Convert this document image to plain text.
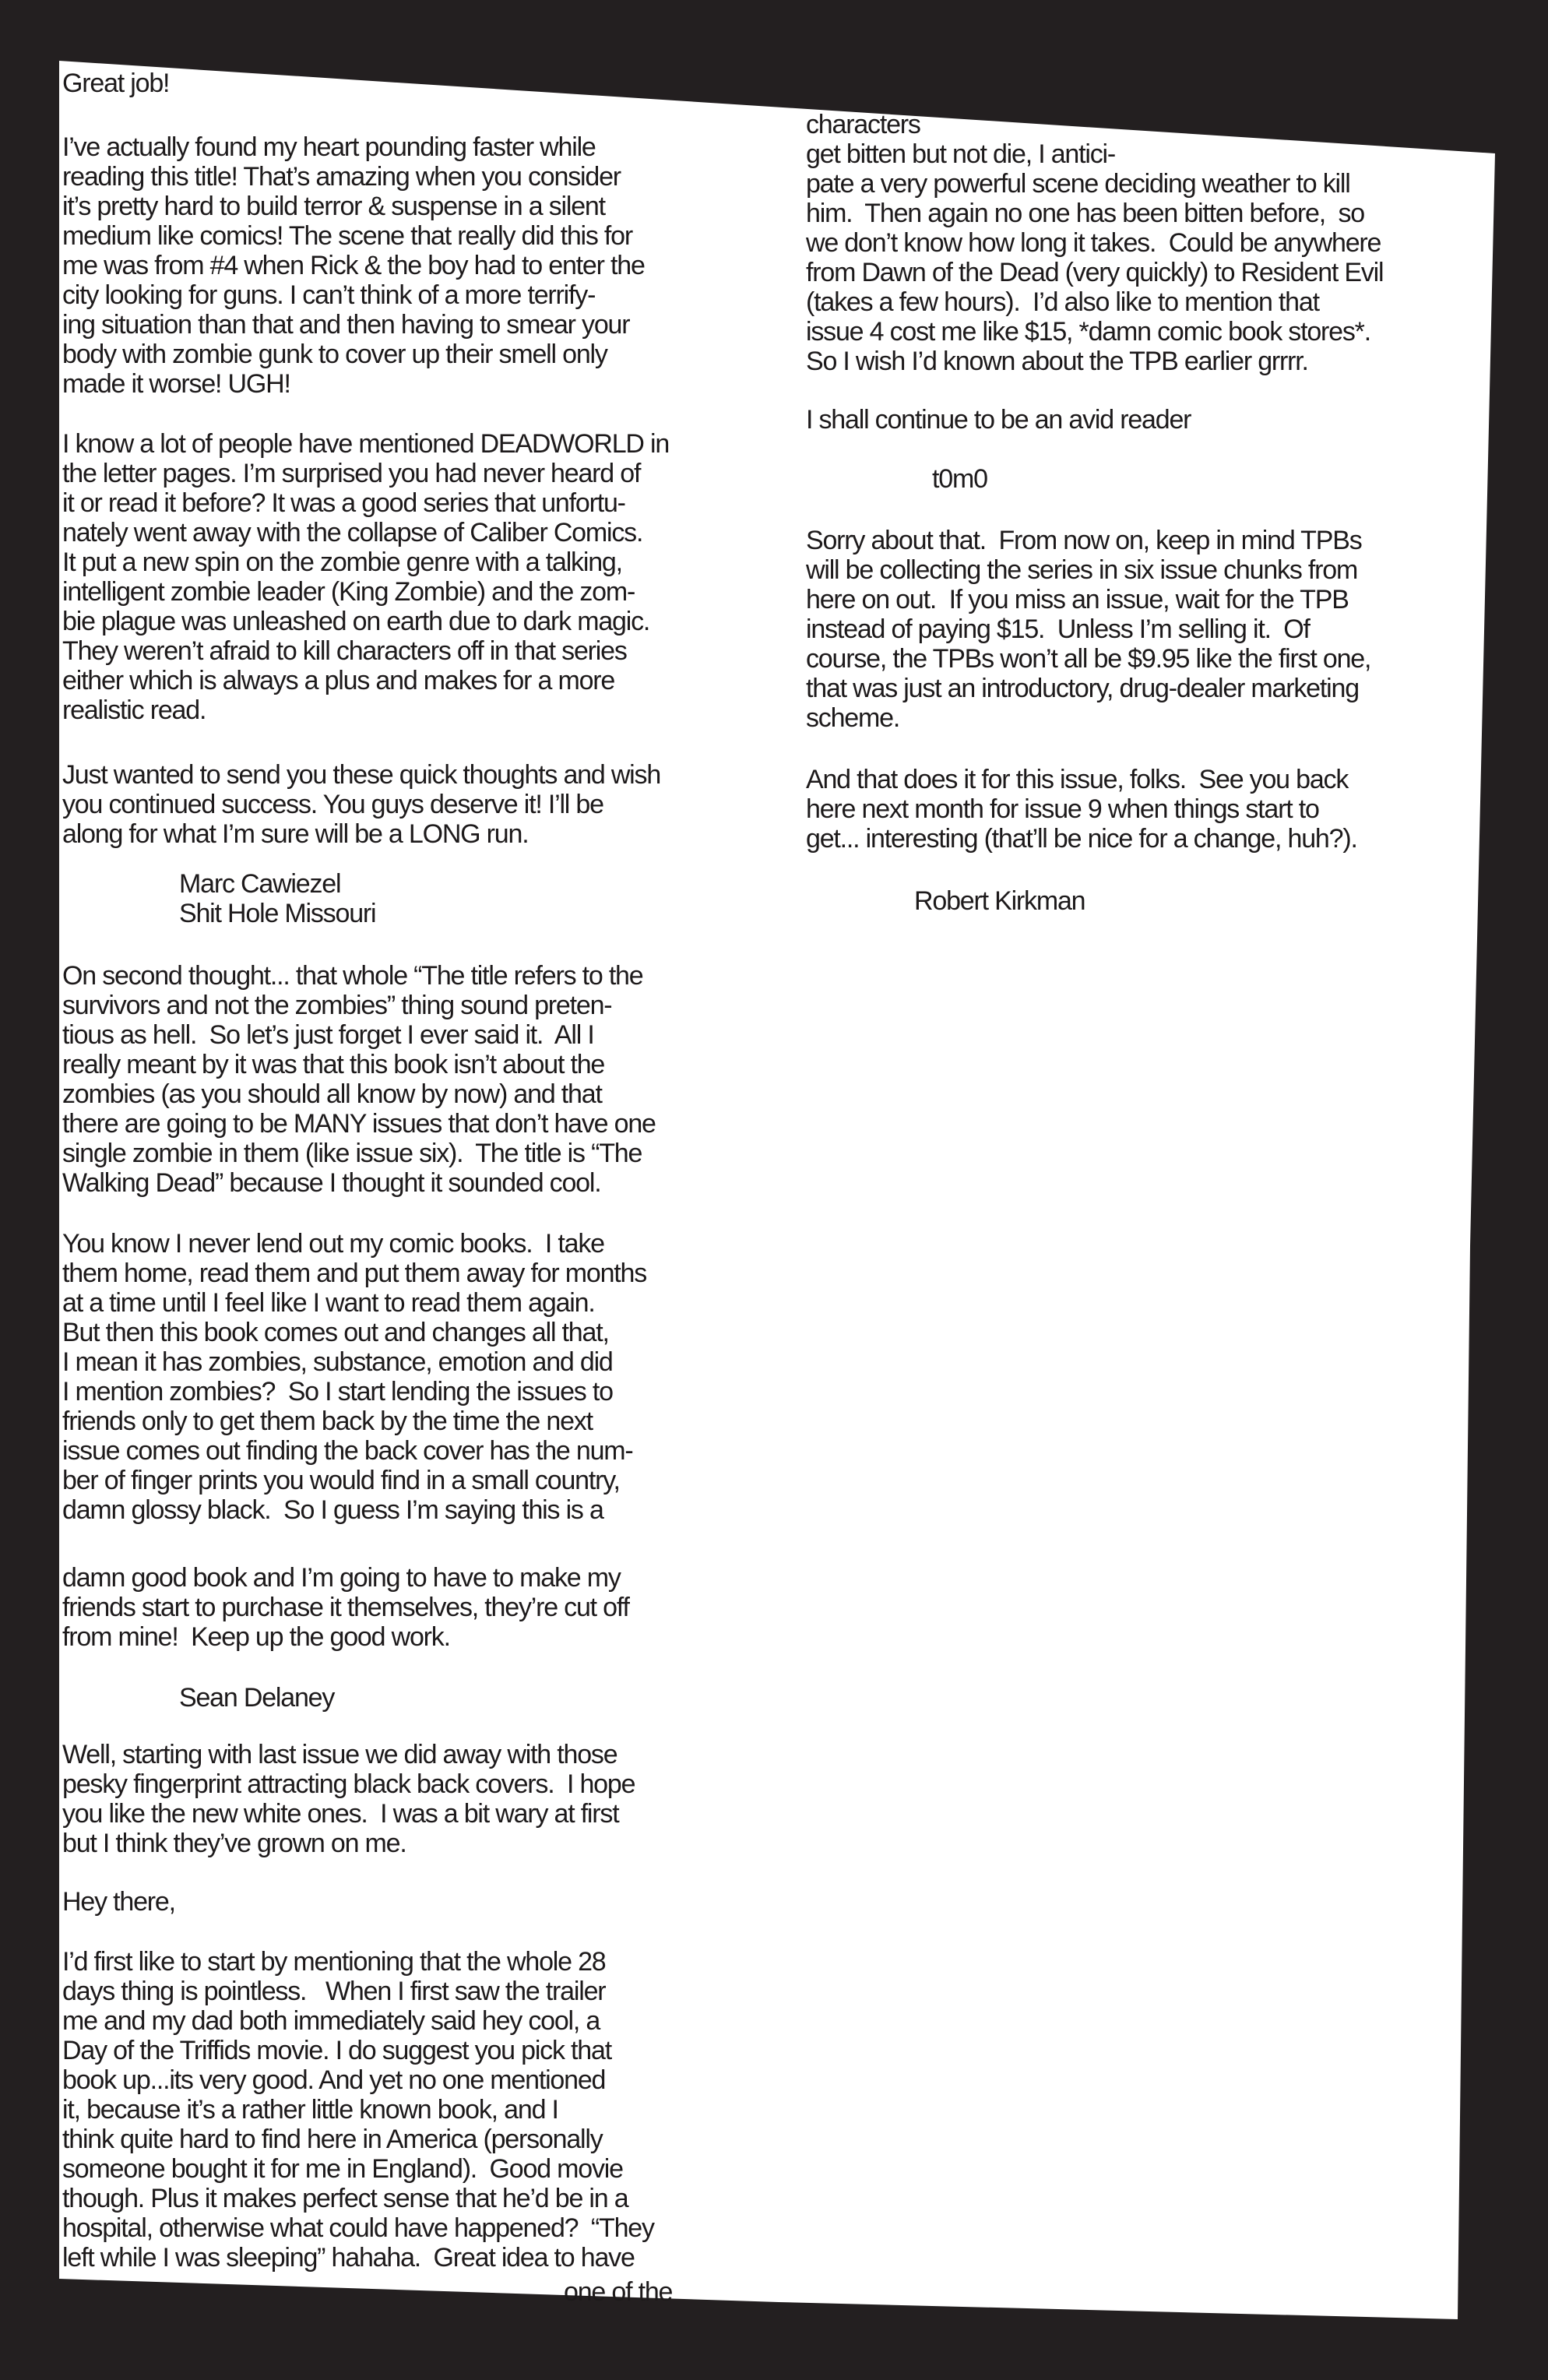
Great job!
I’ve actually found my heart pounding faster while
reading this title! That’s amazing when you consider
it’s pretty hard to build terror & suspense in a silent
medium like comics! The scene that really did this for
me was from #4 when Rick & the boy had to enter the
city looking for guns. I can’t think of a more terrify-
ing situation than that and then having to smear your
body with zombie gunk to cover up their smell only
made it worse! UGH!
I know a lot of people have mentioned DEADWORLD in
the letter pages. I’m surprised you had never heard of
it or read it before? It was a good series that unfortu-
nately went away with the collapse of Caliber Comics.
It put a new spin on the zombie genre with a talking,
intelligent zombie leader (King Zombie) and the zom-
bie plague was unleashed on earth due to dark magic.
They weren’t afraid to kill characters off in that series
either which is always a plus and makes for a more
realistic read.
Just wanted to send you these quick thoughts and wish
you continued success. You guys deserve it! I’ll be
along for what I’m sure will be a LONG run.
Marc Cawiezel
Shit Hole Missouri
On second thought... that whole “The title refers to the
survivors and not the zombies” thing sound preten-
tious as hell.  So let’s just forget I ever said it.  All I
really meant by it was that this book isn’t about the
zombies (as you should all know by now) and that
there are going to be MANY issues that don’t have one
single zombie in them (like issue six).  The title is “The
Walking Dead” because I thought it sounded cool.
You know I never lend out my comic books.  I take
them home, read them and put them away for months
at a time until I feel like I want to read them again.
But then this book comes out and changes all that,
I mean it has zombies, substance, emotion and did
I mention zombies?  So I start lending the issues to
friends only to get them back by the time the next
issue comes out finding the back cover has the num-
ber of finger prints you would find in a small country,
damn glossy black.  So I guess I’m saying this is a
damn good book and I’m going to have to make my
friends start to purchase it themselves, they’re cut off
from mine!  Keep up the good work.
Sean Delaney
Well, starting with last issue we did away with those
pesky fingerprint attracting black back covers.  I hope
you like the new white ones.  I was a bit wary at first
but I think they’ve grown on me.
Hey there,
I’d first like to start by mentioning that the whole 28
days thing is pointless.   When I first saw the trailer
me and my dad both immediately said hey cool, a
Day of the Triffids movie. I do suggest you pick that
book up...its very good. And yet no one mentioned
it, because it’s a rather little known book, and I
think quite hard to find here in America (personally
someone bought it for me in England).  Good movie
though. Plus it makes perfect sense that he’d be in a
hospital, otherwise what could have happened?  “They
left while I was sleeping” hahaha.  Great idea to have
one of the
characters
get bitten but not die, I antici-
pate a very powerful scene deciding weather to kill
him.  Then again no one has been bitten before,  so
we don’t know how long it takes.  Could be anywhere
from Dawn of the Dead (very quickly) to Resident Evil
(takes a few hours).  I’d also like to mention that
issue 4 cost me like $15, *damn comic book stores*.
So I wish I’d known about the TPB earlier grrrr.
I shall continue to be an avid reader
t0m0
Sorry about that.  From now on, keep in mind TPBs
will be collecting the series in six issue chunks from
here on out.  If you miss an issue, wait for the TPB
instead of paying $15.  Unless I’m selling it.  Of
course, the TPBs won’t all be $9.95 like the first one,
that was just an introductory, drug-dealer marketing
scheme.
And that does it for this issue, folks.  See you back
here next month for issue 9 when things start to
get... interesting (that’ll be nice for a change, huh?).
Robert Kirkman
